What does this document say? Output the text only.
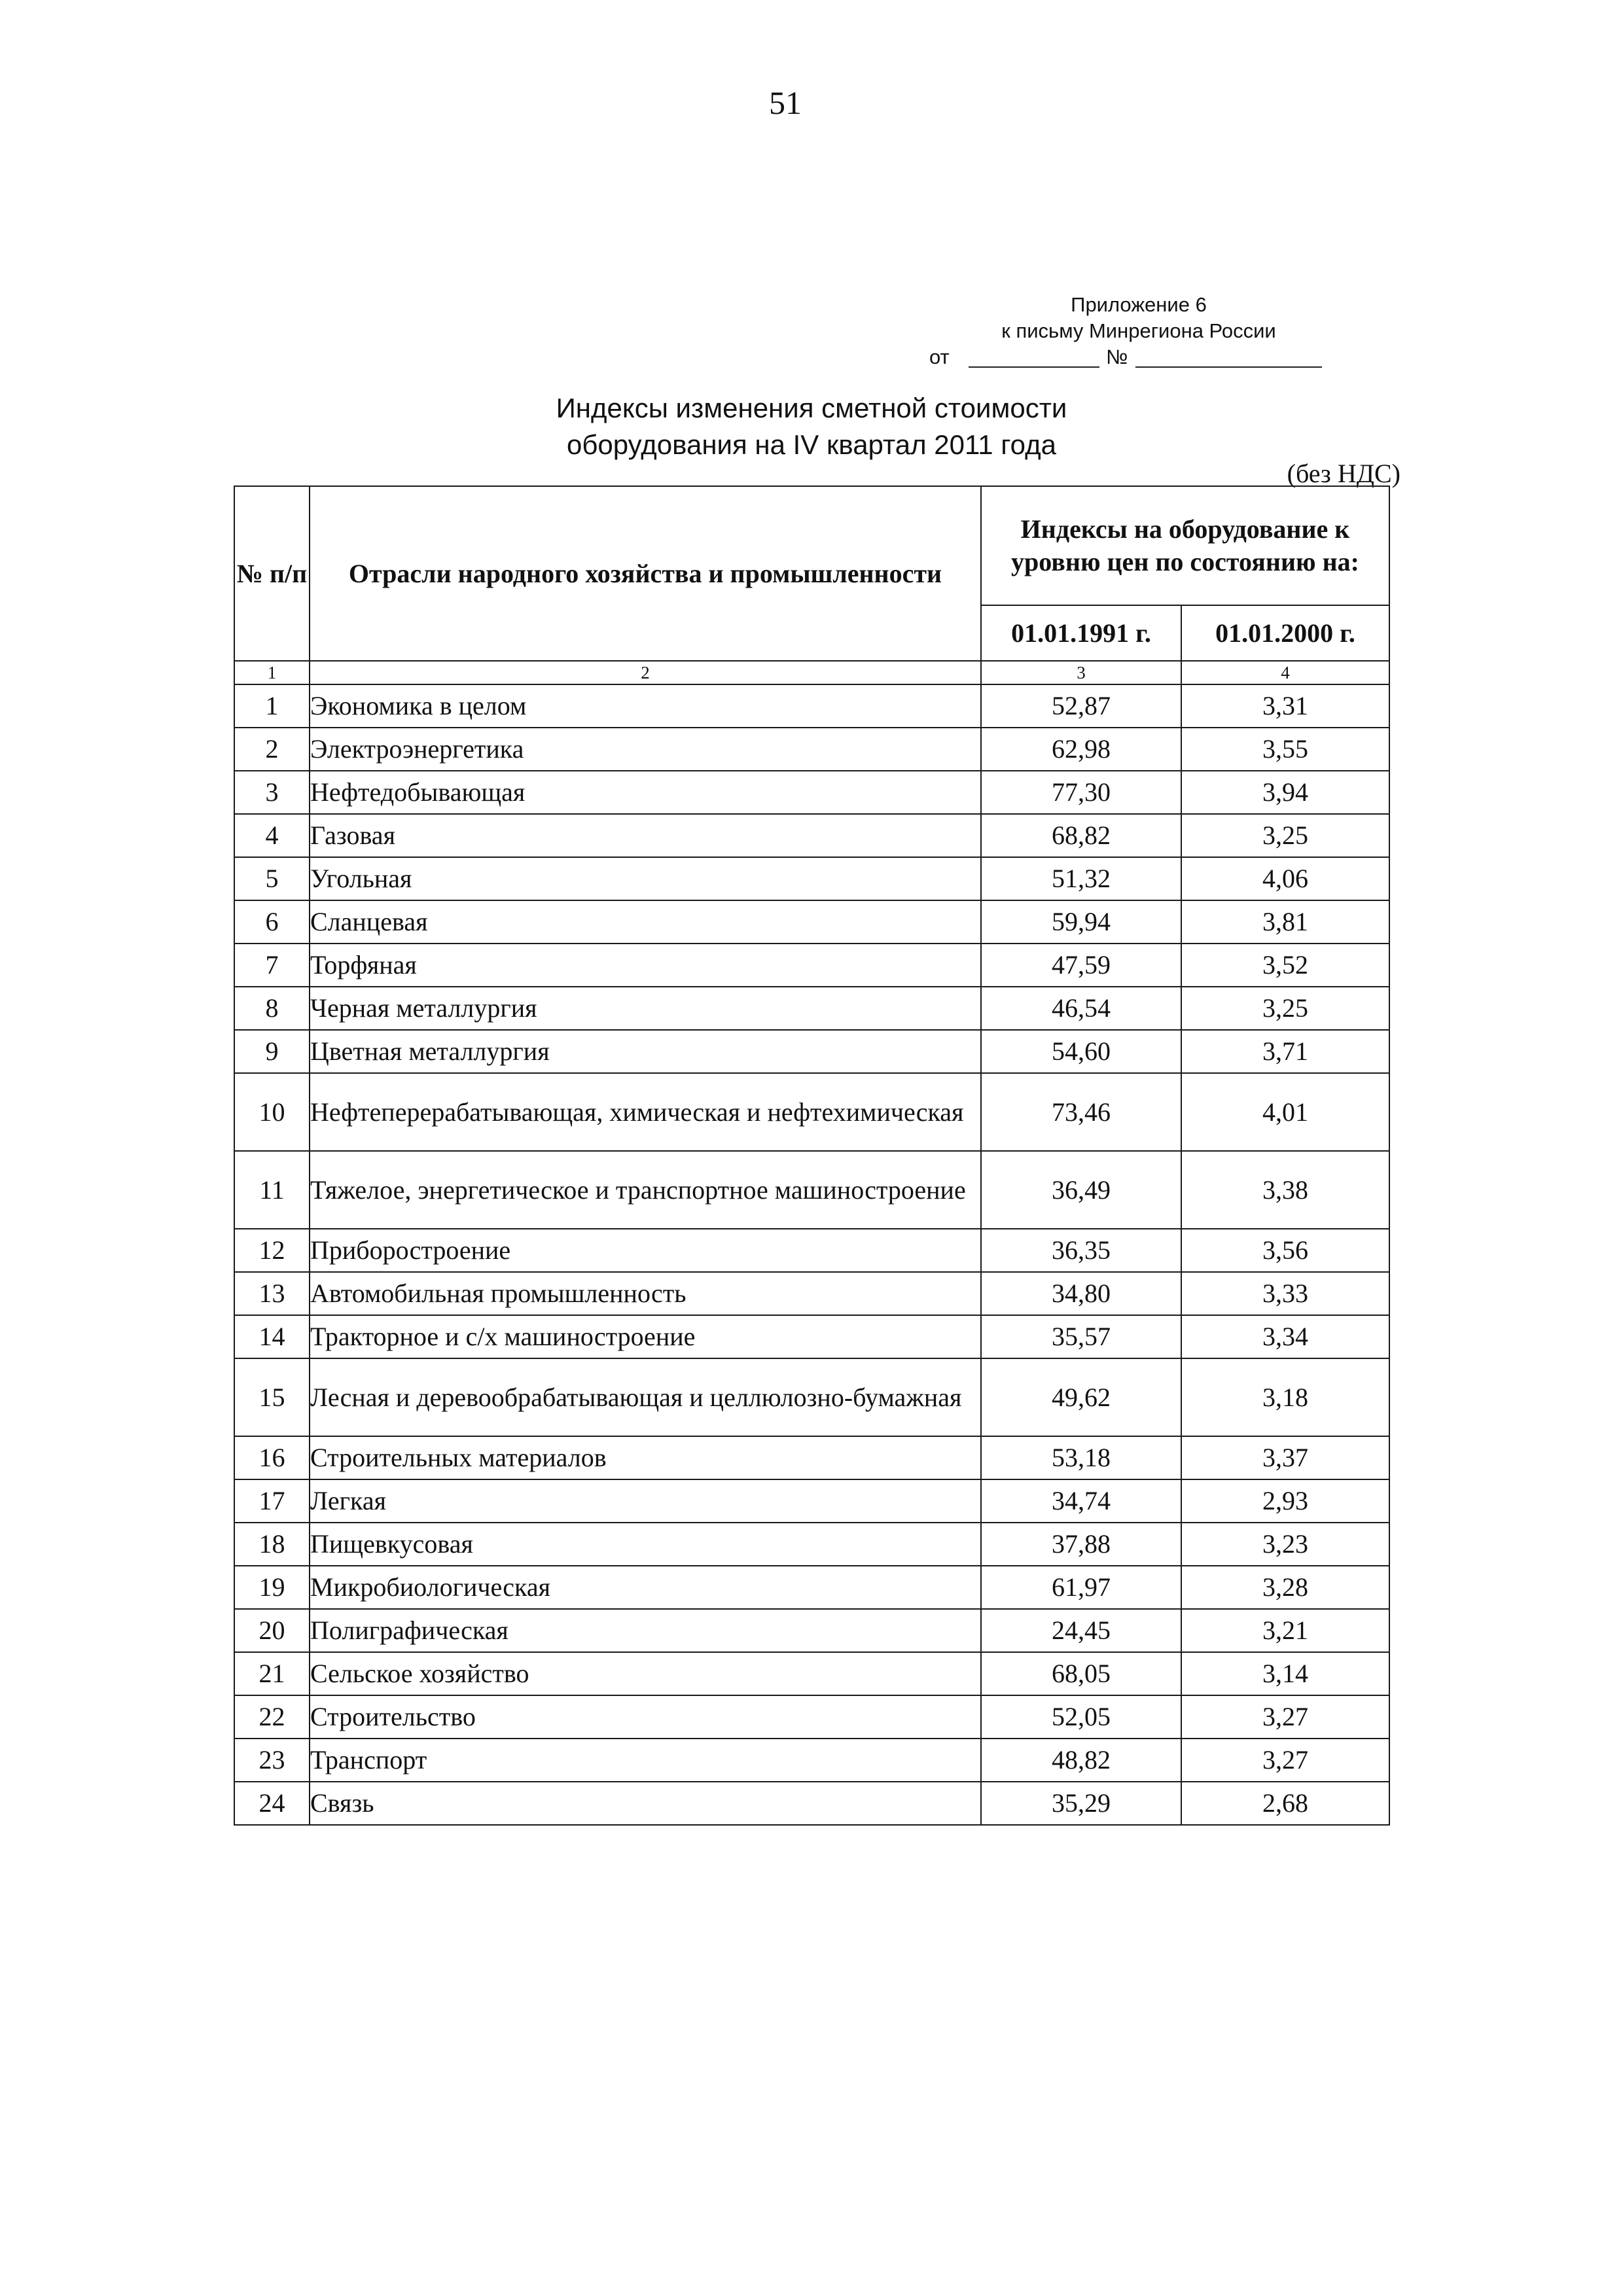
51
Приложение 6
к письму Минрегиона России
от	№
Индексы изменения сметной стоимости
оборудования на IV квартал 2011 года
(без НДС)
№ п/п	Отрасли народного хозяйства и промышленности	Индексы на оборудование к уровню цен по состоянию на:	
		01.01.1991 г.	01.01.2000 г.
1	2	3	4
1	Экономика в целом	52,87	3,31
2	Электроэнергетика	62,98	3,55
3	Нефтедобывающая	77,30	3,94
4	Газовая	68,82	3,25
5	Угольная	51,32	4,06
6	Сланцевая	59,94	3,81
7	Торфяная	47,59	3,52
8	Черная металлургия	46,54	3,25
9	Цветная металлургия	54,60	3,71
10	Нефтеперерабатывающая, химическая и нефтехимическая	73,46	4,01
11	Тяжелое, энергетическое и транспортное машиностроение	36,49	3,38
12	Приборостроение	36,35	3,56
13	Автомобильная промышленность	34,80	3,33
14	Тракторное и с/х машиностроение	35,57	3,34
15	Лесная и деревообрабатывающая и целлюлозно-бумажная	49,62	3,18
16	Строительных материалов	53,18	3,37
17	Легкая	34,74	2,93
18	Пищевкусовая	37,88	3,23
19	Микробиологическая	61,97	3,28
20	Полиграфическая	24,45	3,21
21	Сельское хозяйство	68,05	3,14
22	Строительство	52,05	3,27
23	Транспорт	48,82	3,27
24	Связь	35,29	2,68
